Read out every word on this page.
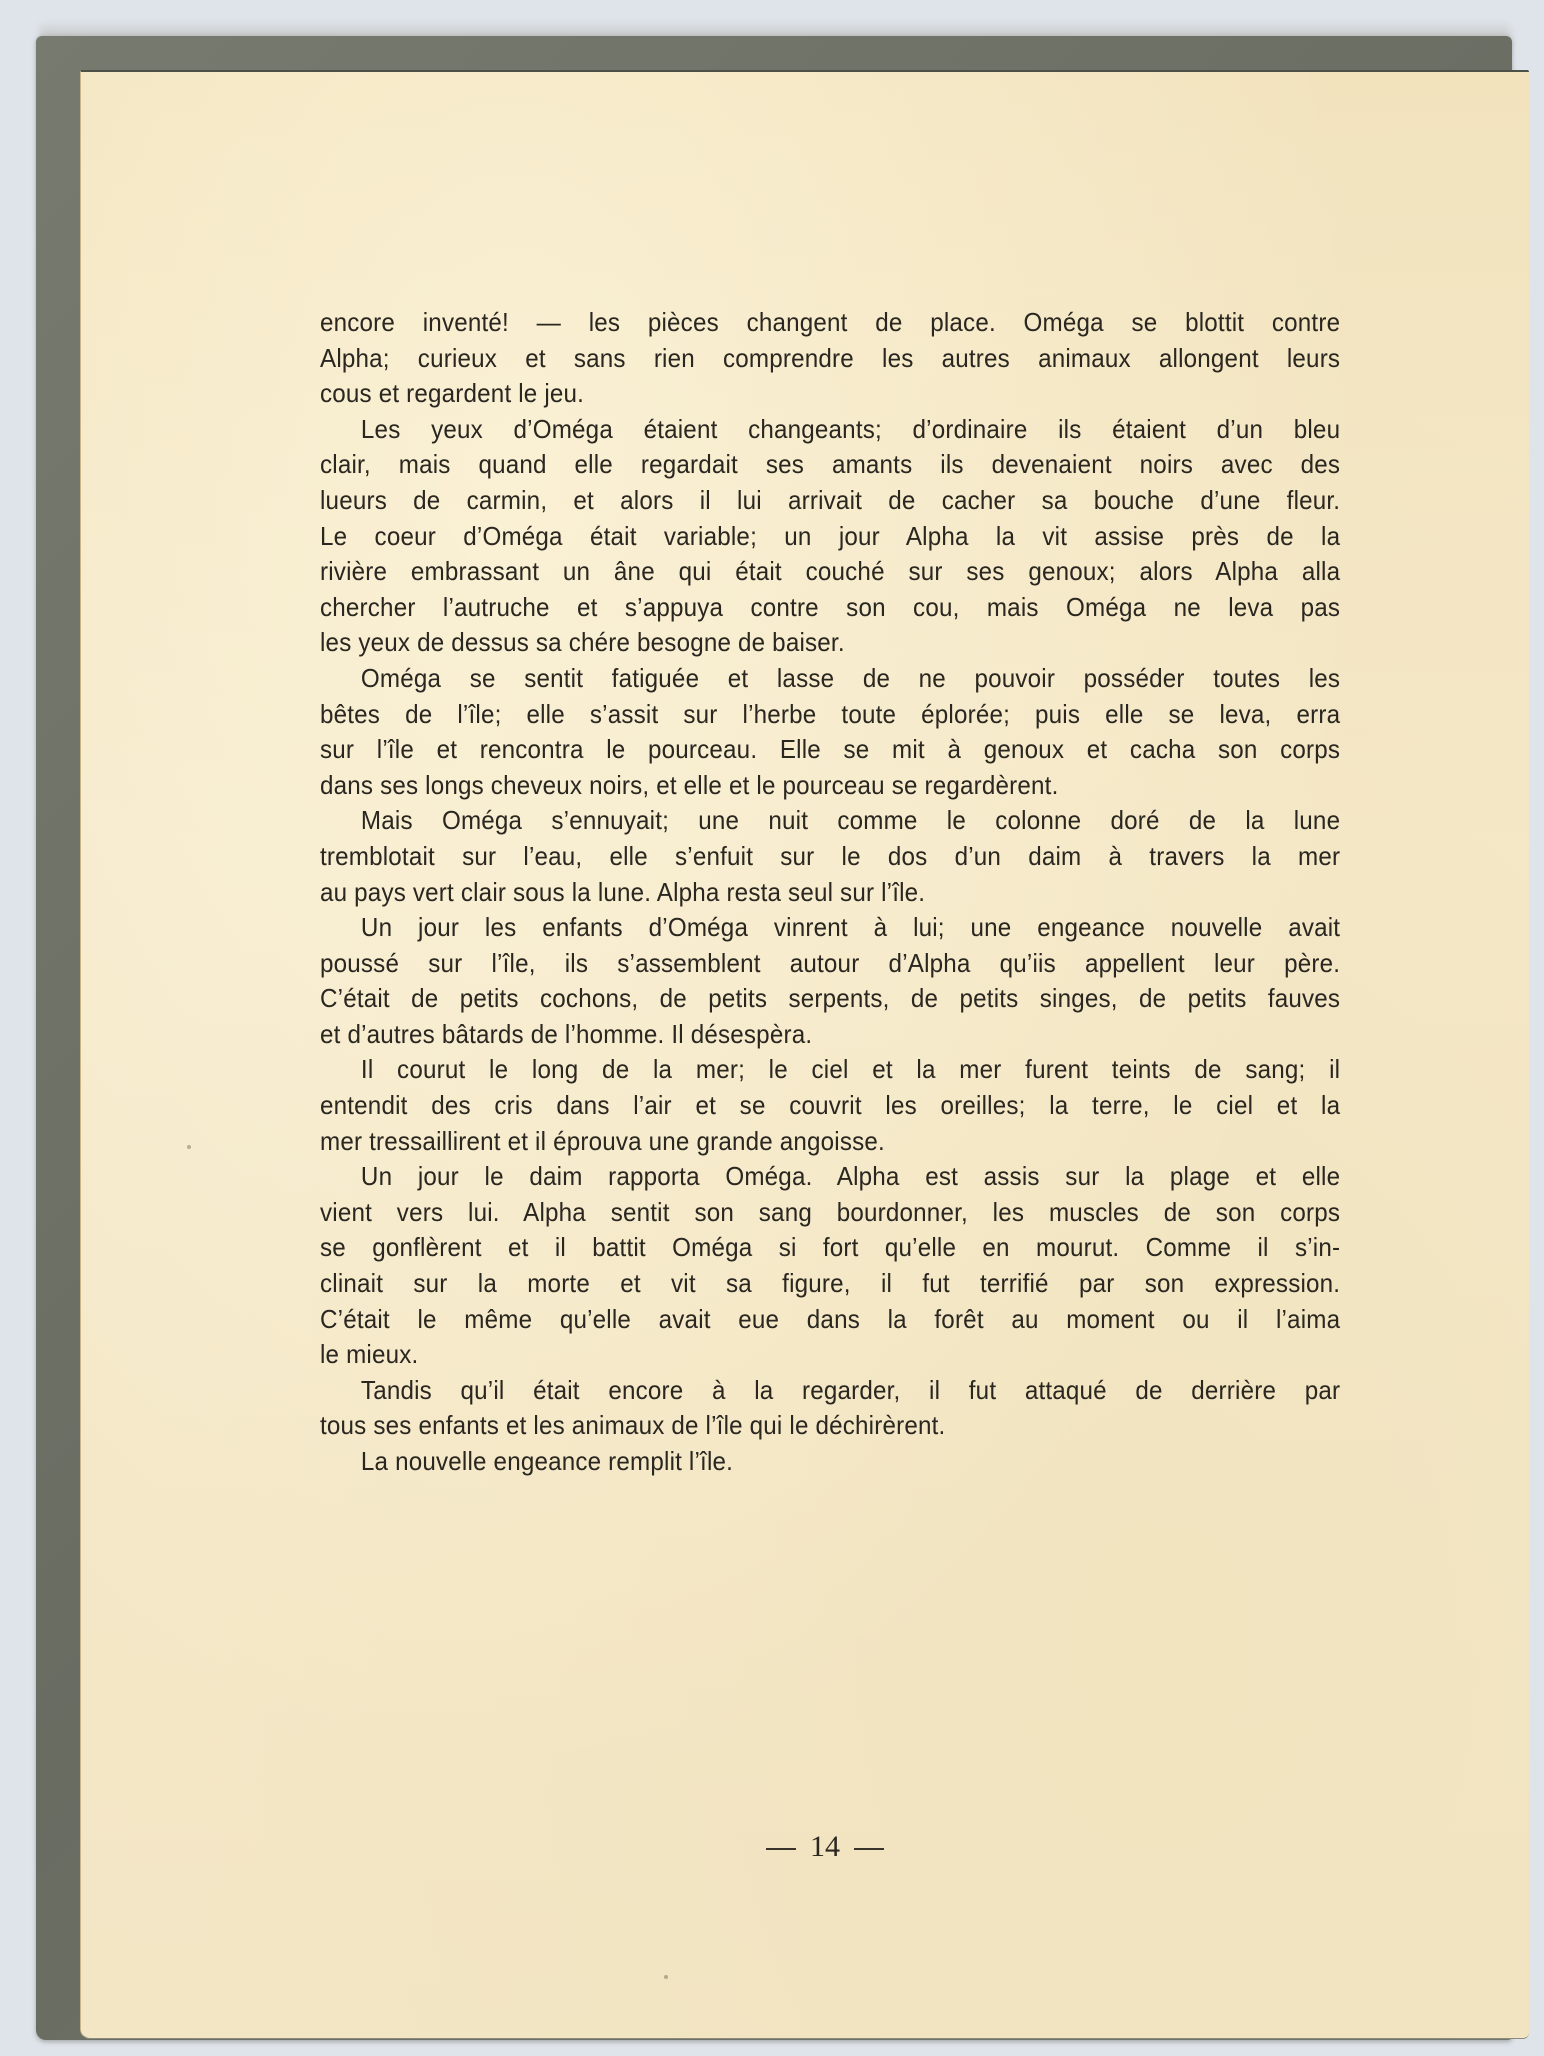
encore inventé! — les pièces changent de place. Oméga se blottit contre
Alpha; curieux et sans rien comprendre les autres animaux allongent leurs
cous et regardent le jeu.

Les yeux d’Oméga étaient changeants; d’ordinaire ils étaient d’un bleu
clair, mais quand elle regardait ses amants ils devenaient noirs avec des
lueurs de carmin, et alors il lui arrivait de cacher sa bouche d’une fleur.
Le coeur d’Oméga était variable; un jour Alpha la vit assise près de la
rivière embrassant un âne qui était couché sur ses genoux; alors Alpha alla
chercher l’autruche et s’appuya contre son cou, mais Oméga ne leva pas
les yeux de dessus sa chére besogne de baiser.

Oméga se sentit fatiguée et lasse de ne pouvoir posséder toutes les
bêtes de l’île; elle s’assit sur l’herbe toute éplorée; puis elle se leva, erra
sur l’île et rencontra le pourceau. Elle se mit à genoux et cacha son corps
dans ses longs cheveux noirs, et elle et le pourceau se regardèrent.

Mais Oméga s’ennuyait; une nuit comme le colonne doré de la lune
tremblotait sur l’eau, elle s’enfuit sur le dos d’un daim à travers la mer
au pays vert clair sous la lune. Alpha resta seul sur l’île.

Un jour les enfants d’Oméga vinrent à lui; une engeance nouvelle avait
poussé sur l’île, ils s’assemblent autour d’Alpha qu’iis appellent leur père.
C’était de petits cochons, de petits serpents, de petits singes, de petits fauves
et d’autres bâtards de l’homme. Il désespèra.

Il courut le long de la mer; le ciel et la mer furent teints de sang; il
entendit des cris dans l’air et se couvrit les oreilles; la terre, le ciel et la
mer tressaillirent et il éprouva une grande angoisse.

Un jour le daim rapporta Oméga. Alpha est assis sur la plage et elle
vient vers lui. Alpha sentit son sang bourdonner, les muscles de son corps
se gonflèrent et il battit Oméga si fort qu’elle en mourut. Comme il s’in-
clinait sur la morte et vit sa figure, il fut terrifié par son expression.
C’était le même qu’elle avait eue dans la forêt au moment ou il l’aima
le mieux.

Tandis qu’il était encore à la regarder, il fut attaqué de derrière par
tous ses enfants et les animaux de l’île qui le déchirèrent.

La nouvelle engeance remplit l’île.

14
